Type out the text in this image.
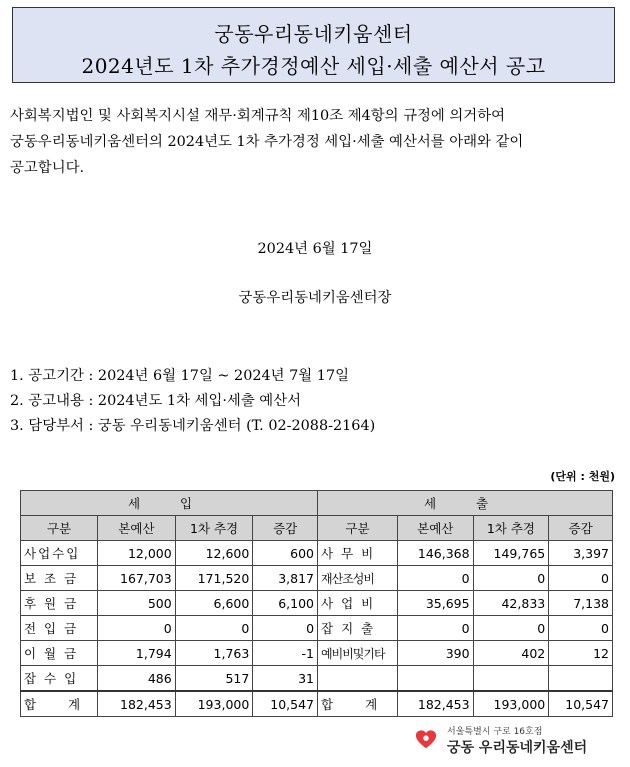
궁동우리동네키움센터
2024년도 1차 추가경정예산 세입·세출 예산서 공고
사회복지법인 및 사회복지시설 재무·회계규칙 제10조 제4항의 규정에 의거하여
궁동우리동네키움센터의 2024년도 1차 추가경정 세입·세출 예산서를 아래와 같이
공고합니다.
2024년 6월 17일
궁동우리동네키움센터장
1. 공고기간 : 2024년 6월 17일 ~ 2024년 7월 17일
2. 공고내용 : 2024년도 1차 세입·세출 예산서
3. 담당부서 : 궁동 우리동네키움센터 (T. 02-2088-2164)
(단위 : 천원)
세 입				세 출			
구분	본예산	1차 추경	증감	구분	본예산	1차 추경	증감
사업수입	12,000	12,600	600	사 무 비	146,368	149,765	3,397
보 조 금	167,703	171,520	3,817	재산조성비	0	0	0
후 원 금	500	6,600	6,100	사 업 비	35,695	42,833	7,138
전 입 금	0	0	0	잡 지 출	0	0	0
이 월 금	1,794	1,763	-1	예비비및기타	390	402	12
잡 수 입	486	517	31				
합 계	182,453	193,000	10,547	합 계	182,453	193,000	10,547
서울특별시 구로 16호점
궁동 우리동네키움센터
